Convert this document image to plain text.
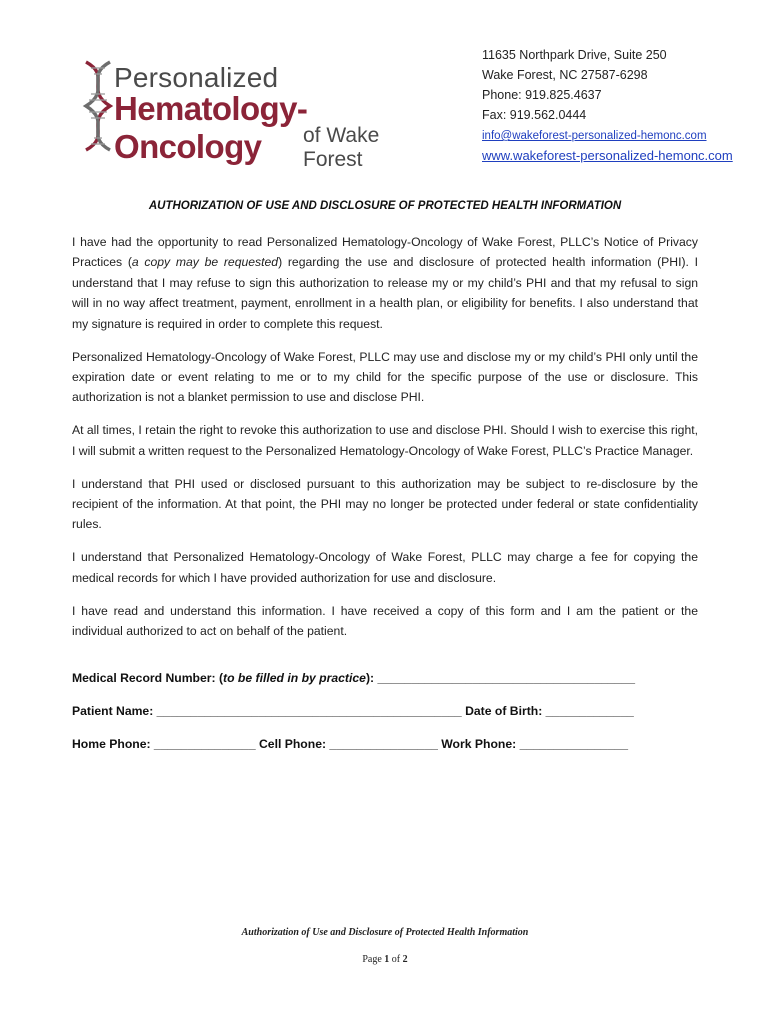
Personalized
Hematology-Oncology	of Wake Forest
11635 Northpark Drive, Suite 250
Wake Forest, NC 27587-6298
Phone: 919.825.4637
Fax: 919.562.0444
info@wakeforest-personalized-hemonc.com
www.wakeforest-personalized-hemonc.com
AUTHORIZATION OF USE AND DISCLOSURE OF PROTECTED HEALTH INFORMATION

I have had the opportunity to read Personalized Hematology-Oncology of Wake Forest, PLLC’s Notice of Privacy Practices (a copy may be requested) regarding the use and disclosure of protected health information (PHI). I understand that I may refuse to sign this authorization to release my or my child’s PHI and that my refusal to sign will in no way affect treatment, payment, enrollment in a health plan, or eligibility for benefits. I also understand that my signature is required in order to complete this request.

Personalized Hematology-Oncology of Wake Forest, PLLC may use and disclose my or my child’s PHI only until the expiration date or event relating to me or to my child for the specific purpose of the use or disclosure. This authorization is not a blanket permission to use and disclose PHI.

At all times, I retain the right to revoke this authorization to use and disclose PHI. Should I wish to exercise this right, I will submit a written request to the Personalized Hematology-Oncology of Wake Forest, PLLC’s Practice Manager.

I understand that PHI used or disclosed pursuant to this authorization may be subject to re-disclosure by the recipient of the information. At that point, the PHI may no longer be protected under federal or state confidentiality rules.

I understand that Personalized Hematology-Oncology of Wake Forest, PLLC may charge a fee for copying the medical records for which I have provided authorization for use and disclosure.

I have read and understand this information. I have received a copy of this form and I am the patient or the individual authorized to act on behalf of the patient.

Medical Record Number: (to be filled in by practice): ______________________________________
Patient Name: _____________________________________________ Date of Birth: _____________
Home Phone: _______________ Cell Phone: ________________ Work Phone: ________________
Authorization of Use and Disclosure of Protected Health Information
Page 1 of 2
